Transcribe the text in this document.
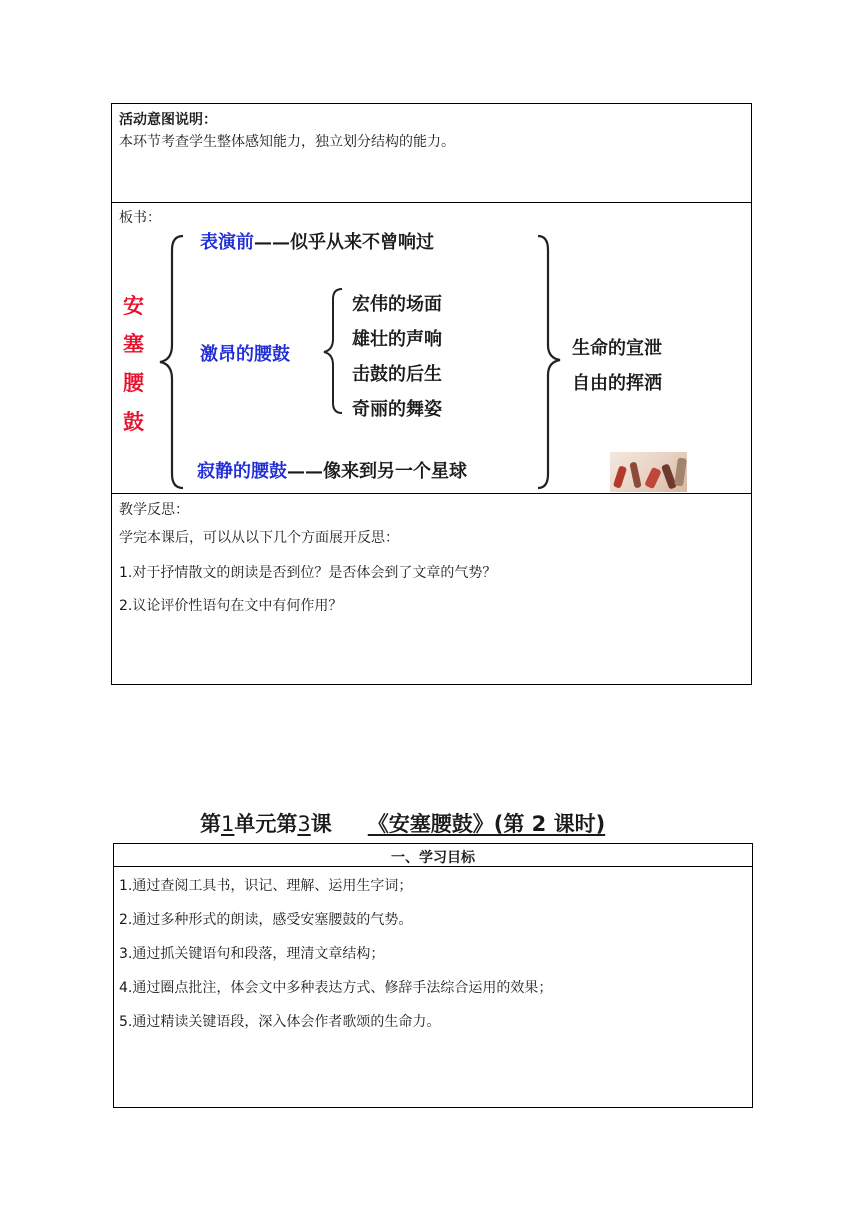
活动意图说明：
本环节考查学生整体感知能力，独立划分结构的能力。
板书：
安
塞
腰
鼓
表演前——似乎从来不曾响过
激昂的腰鼓
宏伟的场面
雄壮的声响
击鼓的后生
奇丽的舞姿
生命的宣泄
自由的挥洒
寂静的腰鼓——像来到另一个星球
教学反思：
学完本课后，可以从以下几个方面展开反思：
1.对于抒情散文的朗读是否到位？是否体会到了文章的气势？
2.议论评价性语句在文中有何作用？
第1单元第3课 《安塞腰鼓》(第 2 课时)
一、学习目标
1.通过查阅工具书，识记、理解、运用生字词；
2.通过多种形式的朗读，感受安塞腰鼓的气势。
3.通过抓关键语句和段落，理清文章结构；
4.通过圈点批注，体会文中多种表达方式、修辞手法综合运用的效果；
5.通过精读关键语段，深入体会作者歌颂的生命力。
